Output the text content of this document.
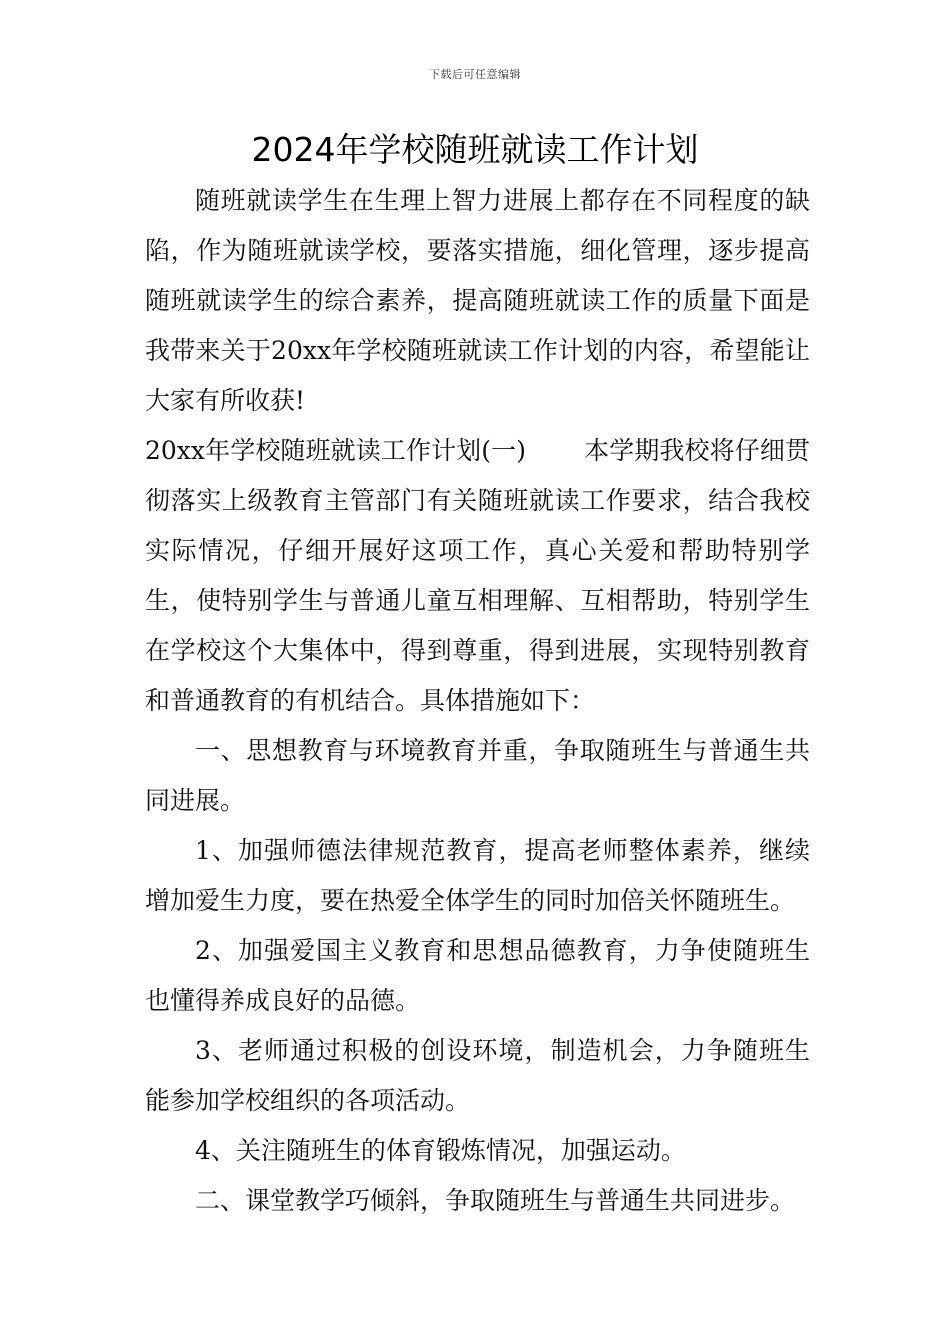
下载后可任意编辑
2024年学校随班就读工作计划

随班就读学生在生理上智力进展上都存在不同程度的缺陷，作为随班就读学校，要落实措施，细化管理，逐步提高随班就读学生的综合素养，提高随班就读工作的质量下面是我带来关于20xx年学校随班就读工作计划的内容，希望能让大家有所收获!

20xx年学校随班就读工作计划(一) 本学期我校将仔细贯彻落实上级教育主管部门有关随班就读工作要求，结合我校实际情况，仔细开展好这项工作，真心关爱和帮助特别学生，使特别学生与普通儿童互相理解、互相帮助，特别学生在学校这个大集体中，得到尊重，得到进展，实现特别教育和普通教育的有机结合。具体措施如下：

一、思想教育与环境教育并重，争取随班生与普通生共同进展。

1、加强师德法律规范教育，提高老师整体素养，继续增加爱生力度，要在热爱全体学生的同时加倍关怀随班生。

2、加强爱国主义教育和思想品德教育，力争使随班生也懂得养成良好的品德。

3、老师通过积极的创设环境，制造机会，力争随班生能参加学校组织的各项活动。

4、关注随班生的体育锻炼情况，加强运动。

二、课堂教学巧倾斜，争取随班生与普通生共同进步。
